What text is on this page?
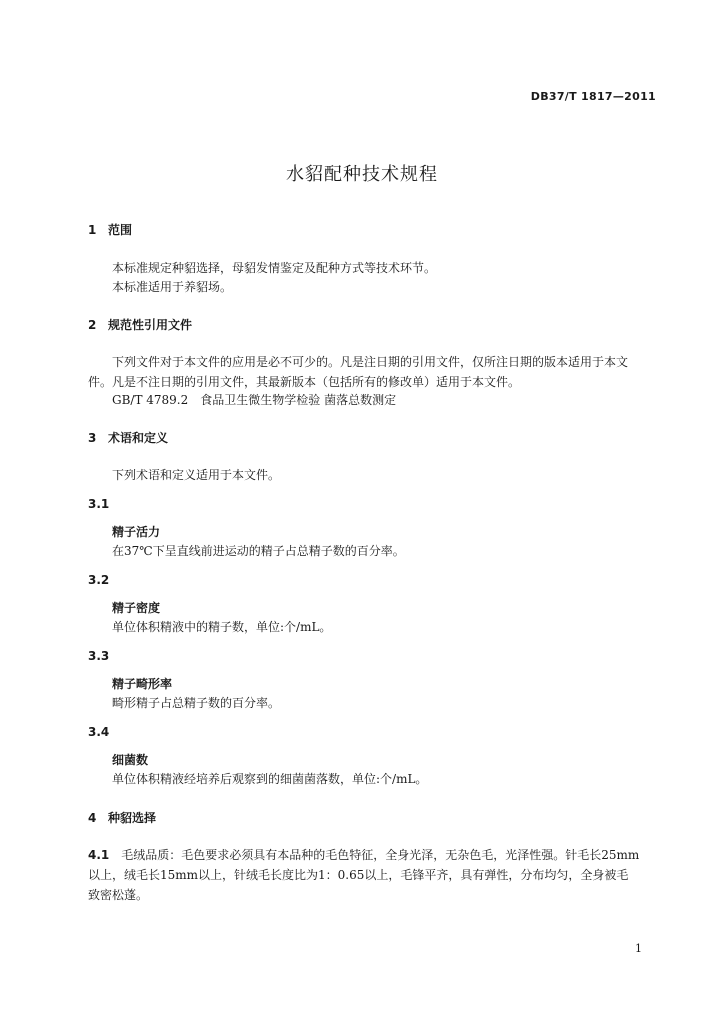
DB37/T 1817—2011
水貂配种技术规程
1 范围
本标准规定种貂选择，母貂发情鉴定及配种方式等技术环节。
本标准适用于养貂场。
2 规范性引用文件
下列文件对于本文件的应用是必不可少的。凡是注日期的引用文件，仅所注日期的版本适用于本文
件。凡是不注日期的引用文件，其最新版本（包括所有的修改单）适用于本文件。
GB/T 4789.2　食品卫生微生物学检验 菌落总数测定
3 术语和定义
下列术语和定义适用于本文件。
3.1
精子活力
在37℃下呈直线前进运动的精子占总精子数的百分率。
3.2
精子密度
单位体积精液中的精子数，单位:个/mL。
3.3
精子畸形率
畸形精子占总精子数的百分率。
3.4
细菌数
单位体积精液经培养后观察到的细菌菌落数，单位:个/mL。
4 种貂选择
4.1 毛绒品质：毛色要求必须具有本品种的毛色特征，全身光泽，无杂色毛，光泽性强。针毛长25mm
以上，绒毛长15mm以上，针绒毛长度比为1：0.65以上，毛锋平齐，具有弹性，分布均匀，全身被毛
致密松蓬。
1
